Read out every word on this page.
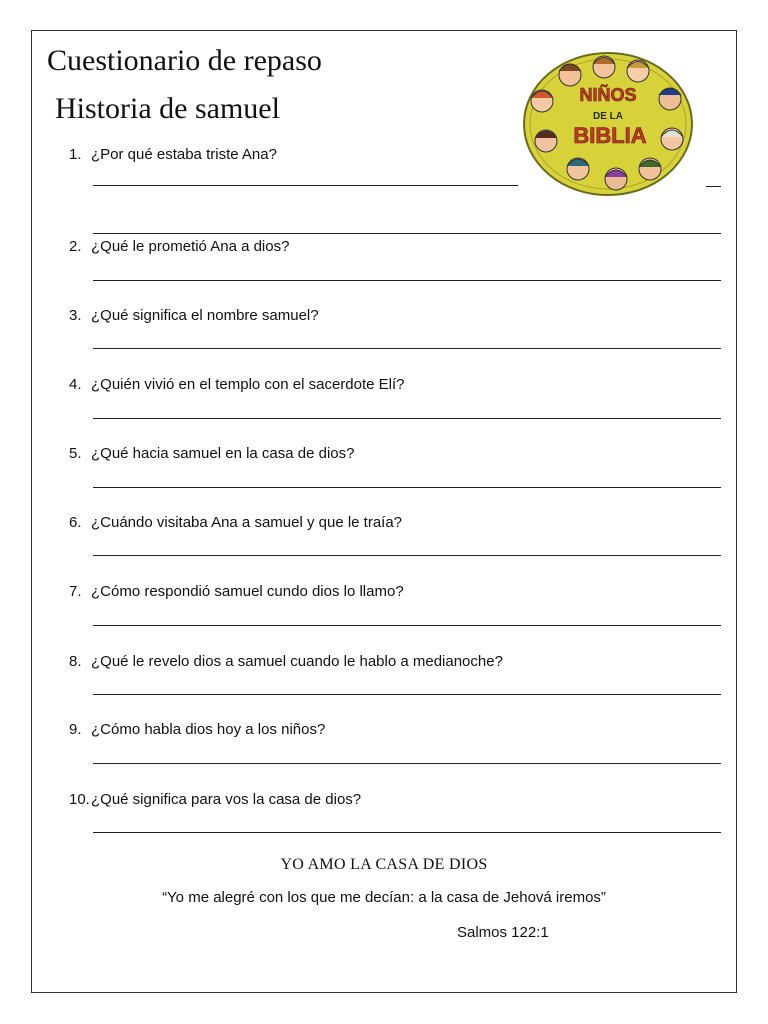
Cuestionario de repaso
Historia de samuel	NIÑOS
DE LA
BIBLIA
1. ¿Por qué estaba triste Ana?
2. ¿Qué le prometió Ana a dios?
3. ¿Qué significa el nombre samuel?
4. ¿Quién vivió en el templo con el sacerdote Elí?
5. ¿Qué hacia samuel en la casa de dios?
6. ¿Cuándo visitaba Ana a samuel y que le traía?
7. ¿Cómo respondió samuel cundo dios lo llamo?
8. ¿Qué le revelo dios a samuel cuando le hablo a medianoche?
9. ¿Cómo habla dios hoy a los niños?
10.¿Qué significa para vos la casa de dios?
YO AMO LA CASA DE DIOS
“Yo me alegré con los que me decían: a la casa de Jehová iremos”
Salmos 122:1
